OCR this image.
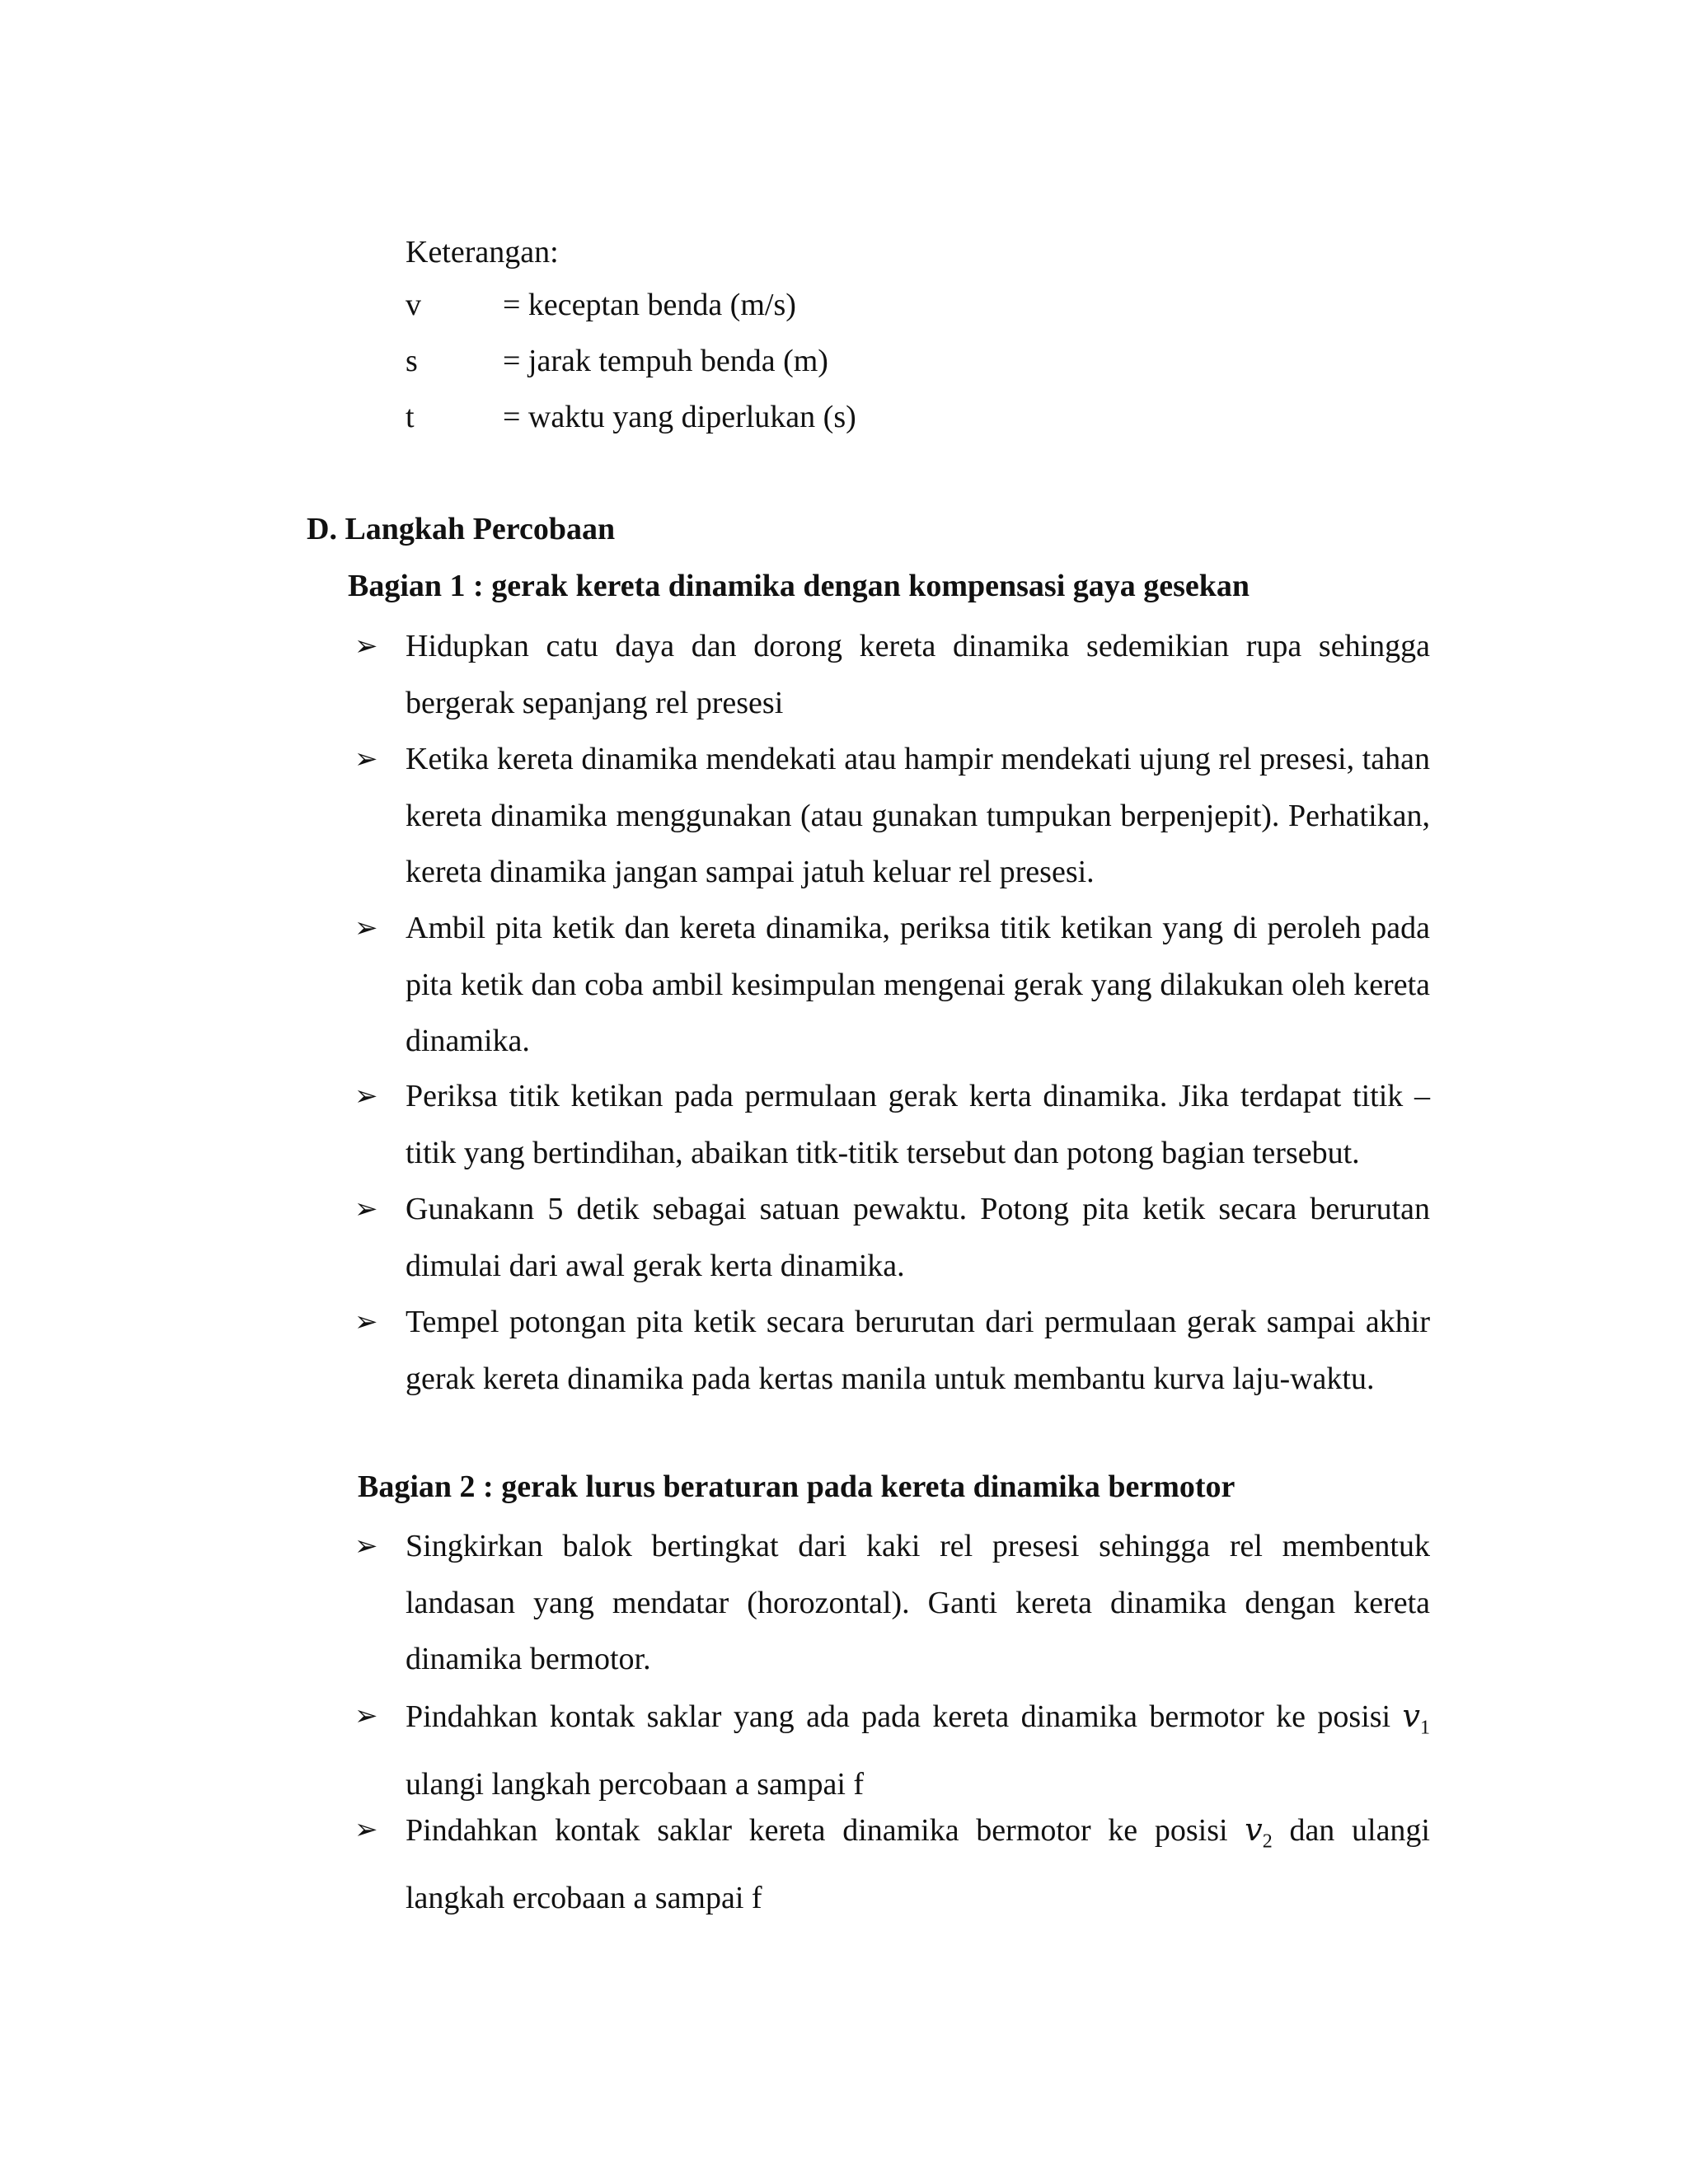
Keterangan:
v	= keceptan benda (m/s)
s	= jarak tempuh benda (m)
t	= waktu yang diperlukan (s)
D. Langkah Percobaan
Bagian 1 : gerak kereta dinamika dengan kompensasi gaya gesekan
➢ Hidupkan catu daya dan dorong kereta dinamika sedemikian rupa sehingga bergerak sepanjang rel presesi
➢ Ketika kereta dinamika mendekati atau hampir mendekati ujung rel presesi, tahan kereta dinamika menggunakan (atau gunakan tumpukan berpenjepit). Perhatikan, kereta dinamika jangan sampai jatuh keluar rel presesi.
➢ Ambil pita ketik dan kereta dinamika, periksa titik ketikan yang di peroleh pada pita ketik dan coba ambil kesimpulan mengenai gerak yang dilakukan oleh kereta dinamika.
➢ Periksa titik ketikan pada permulaan gerak kerta dinamika. Jika terdapat titik –titik yang bertindihan, abaikan titk-titik tersebut dan potong bagian tersebut.
➢ Gunakann 5 detik sebagai satuan pewaktu. Potong pita ketik secara berurutan dimulai dari awal gerak kerta dinamika.
➢ Tempel potongan pita ketik secara berurutan dari permulaan gerak sampai akhir gerak kereta dinamika pada kertas manila untuk membantu kurva laju-waktu.
Bagian 2 : gerak lurus beraturan pada kereta dinamika bermotor
➢ Singkirkan balok bertingkat dari kaki rel presesi sehingga rel membentuk landasan yang mendatar (horozontal). Ganti kereta dinamika dengan kereta dinamika bermotor.
➢ Pindahkan kontak saklar yang ada pada kereta dinamika bermotor ke posisi $v_1$ ulangi langkah percobaan a sampai f
➢ Pindahkan kontak saklar kereta dinamika bermotor ke posisi $v_2$ dan ulangi langkah ercobaan a sampai f
